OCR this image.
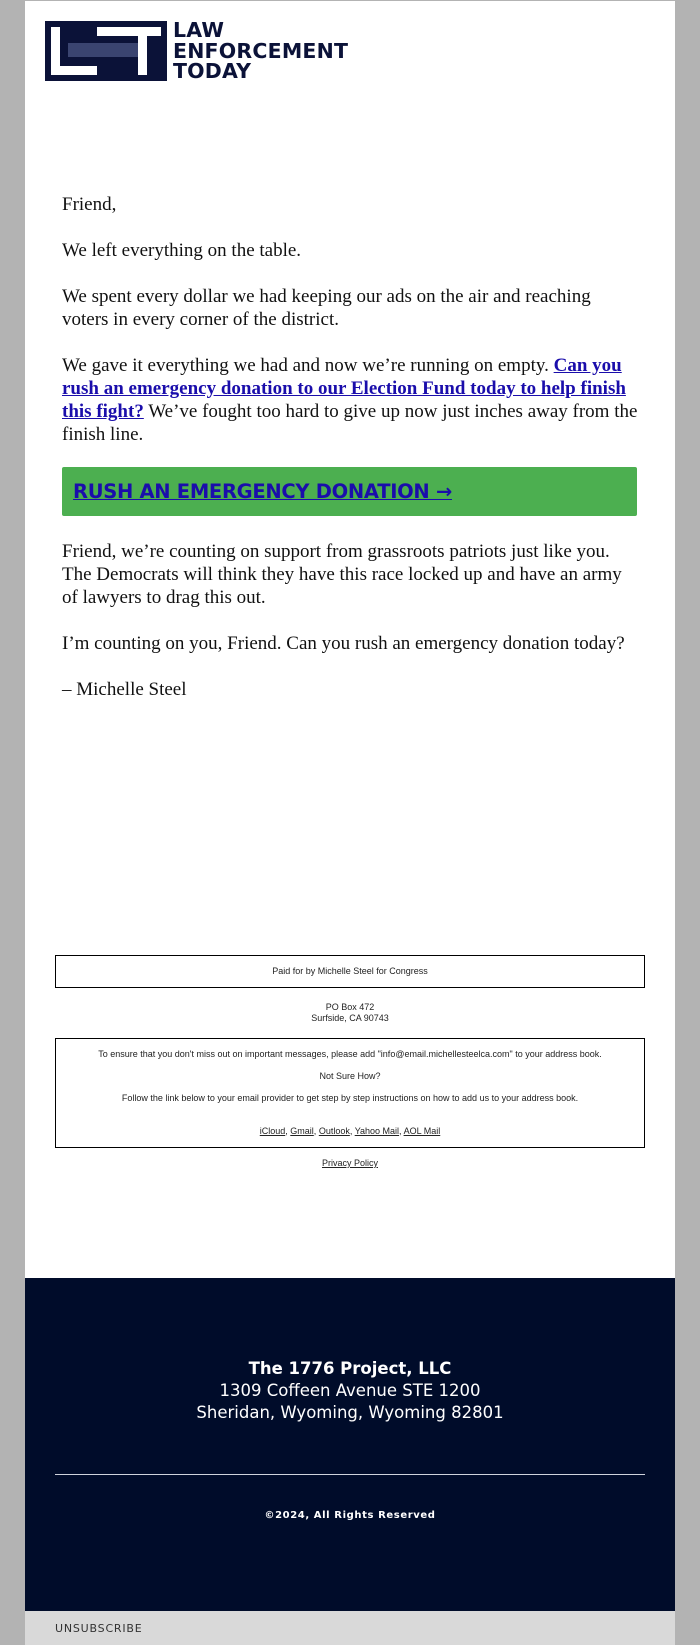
LAW
ENFORCEMENT
TODAY

Friend,

We left everything on the table.

We spent every dollar we had keeping our ads on the air and reaching voters in every corner of the district.

We gave it everything we had and now we’re running on empty. Can you rush an emergency donation to our Election Fund today to help finish this fight? We’ve fought too hard to give up now just inches away from the finish line.

RUSH AN EMERGENCY DONATION →

Friend, we’re counting on support from grassroots patriots just like you. The Democrats will think they have this race locked up and have an army of lawyers to drag this out.

I’m counting on you, Friend. Can you rush an emergency donation today?

– Michelle Steel

Paid for by Michelle Steel for Congress
PO Box 472
Surfside, CA 90743
To ensure that you don't miss out on important messages, please add "info@email.michellesteelca.com" to your address book.
Not Sure How?
Follow the link below to your email provider to get step by step instructions on how to add us to your address book.
iCloud, Gmail, Outlook, Yahoo Mail, AOL Mail
Privacy Policy
The 1776 Project, LLC
1309 Coffeen Avenue STE 1200
Sheridan, Wyoming, Wyoming 82801
©2024, All Rights Reserved
UNSUBSCRIBE
